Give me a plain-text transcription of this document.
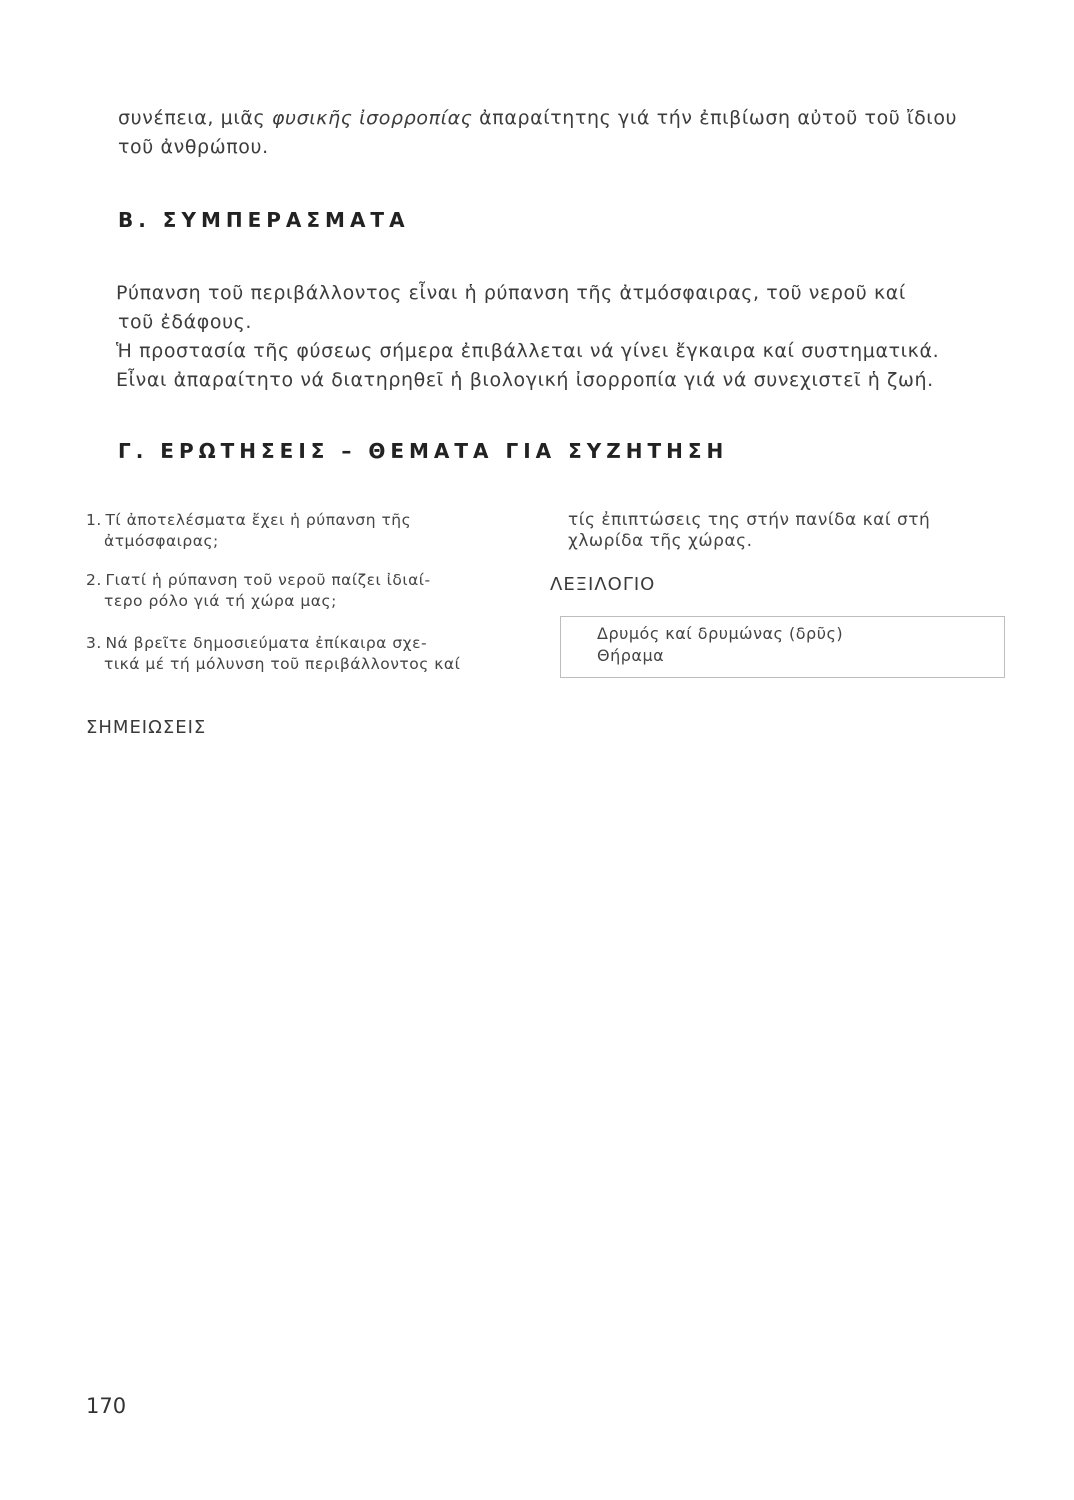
συνέπεια, μιᾶς φυσικῆς ἰσορροπίας ἀπαραίτητης γιά τήν ἐπιβίωση αὐτοῦ τοῦ ἴδιου
τοῦ ἀνθρώπου.
Β. ΣΥΜΠΕΡΑΣΜΑΤΑ
Ρύπανση τοῦ περιβάλλοντος εἶναι ἡ ρύπανση τῆς ἀτμόσφαιρας, τοῦ νεροῦ καί
τοῦ ἐδάφους.
Ἡ προστασία τῆς φύσεως σήμερα ἐπιβάλλεται νά γίνει ἔγκαιρα καί συστηματικά.
Εἶναι ἀπαραίτητο νά διατηρηθεῖ ἡ βιολογική ἰσορροπία γιά νά συνεχιστεῖ ἡ ζωή.
Γ. ΕΡΩΤΗΣΕΙΣ – ΘΕΜΑΤΑ ΓΙΑ ΣΥΖΗΤΗΣΗ
1. Τί ἀποτελέσματα ἔχει ἡ ρύπανση τῆς
ἀτμόσφαιρας;
2. Γιατί ἡ ρύπανση τοῦ νεροῦ παίζει ἰδιαί-
τερο ρόλο γιά τή χώρα μας;
3. Νά βρεῖτε δημοσιεύματα ἐπίκαιρα σχε-
τικά μέ τή μόλυνση τοῦ περιβάλλοντος καί
τίς ἐπιπτώσεις της στήν πανίδα καί στή
χλωρίδα τῆς χώρας.
ΛΕΞΙΛΟΓΙΟ
Δρυμός καί δρυμώνας (δρῦς)
Θήραμα
ΣΗΜΕΙΩΣΕΙΣ
170
